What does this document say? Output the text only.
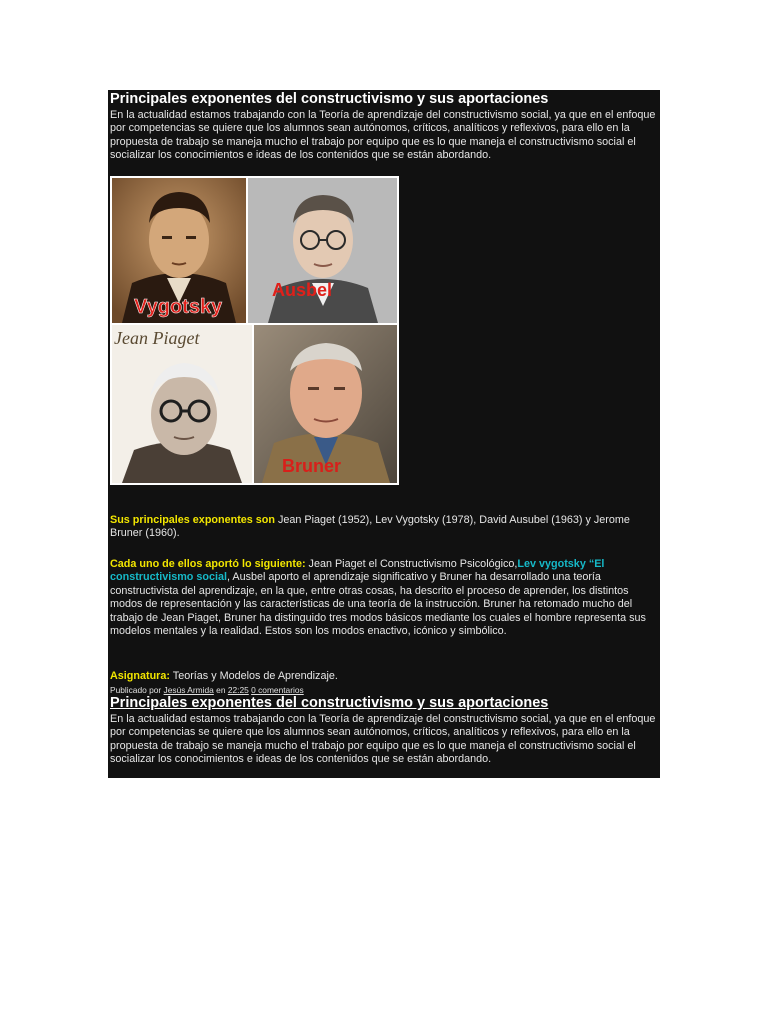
Principales exponentes del constructivismo y sus aportaciones

En la actualidad estamos trabajando con la Teoría de aprendizaje del constructivismo social, ya que en el enfoque por competencias se quiere que los alumnos sean autónomos, críticos, analíticos y reflexivos, para ello en la propuesta de trabajo se maneja mucho el trabajo por equipo que es lo que maneja el constructivismo social el socializar los conocimientos e ideas de los contenidos que se están abordando.

Vygotsky
Ausbel
Jean Piaget
Bruner

Sus principales exponentes son Jean Piaget (1952), Lev Vygotsky (1978), David Ausubel (1963) y Jerome Bruner (1960).

Cada uno de ellos aportó lo siguiente: Jean Piaget el Constructivismo Psicológico,Lev vygotsky “El constructivismo social, Ausbel aporto el aprendizaje significativo y Bruner ha desarrollado una teoría constructivista del aprendizaje, en la que, entre otras cosas, ha descrito el proceso de aprender, los distintos modos de representación y las características de una teoría de la instrucción. Bruner ha retomado mucho del trabajo de Jean Piaget, Bruner ha distinguido tres modos básicos mediante los cuales el hombre representa sus modelos mentales y la realidad. Estos son los modos enactivo, icónico y simbólico.

Asignatura: Teorías y Modelos de Aprendizaje.

Publicado por Jesús Armida en 22:25 0 comentarios
Principales exponentes del constructivismo y sus aportaciones

En la actualidad estamos trabajando con la Teoría de aprendizaje del constructivismo social, ya que en el enfoque por competencias se quiere que los alumnos sean autónomos, críticos, analíticos y reflexivos, para ello en la propuesta de trabajo se maneja mucho el trabajo por equipo que es lo que maneja el constructivismo social el socializar los conocimientos e ideas de los contenidos que se están abordando.
